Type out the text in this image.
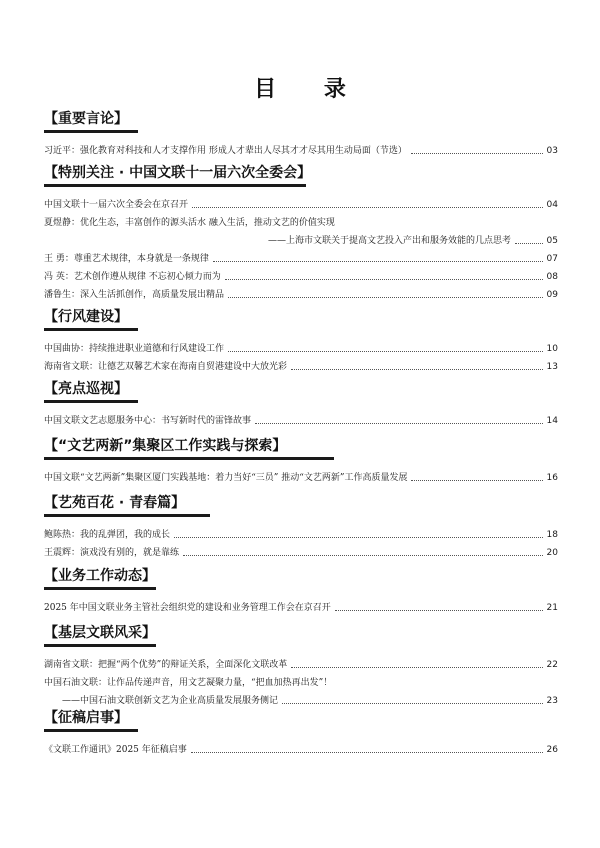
目 录
【重要言论】
习近平：强化教育对科技和人才支撑作用 形成人才辈出人尽其才才尽其用生动局面（节选）	03
【特别关注 · 中国文联十一届六次全委会】
中国文联十一届六次全委会在京召开	04
夏煜静：优化生态，丰富创作的源头活水 融入生活，推动文艺的价值实现
——上海市文联关于提高文艺投入产出和服务效能的几点思考	05
王 勇：尊重艺术规律，本身就是一条规律	07
冯 英：艺术创作遵从规律 不忘初心倾力而为	08
潘鲁生：深入生活抓创作，高质量发展出精品	09
【行风建设】
中国曲协：持续推进职业道德和行风建设工作	10
海南省文联：让德艺双馨艺术家在海南自贸港建设中大放光彩	13
【亮点巡视】
中国文联文艺志愿服务中心：书写新时代的雷锋故事	14
【“文艺两新”集聚区工作实践与探索】
中国文联“文艺两新”集聚区厦门实践基地：着力当好“三员” 推动“文艺两新”工作高质量发展	16
【艺苑百花 · 青春篇】
鲍陈热：我的乱弹团，我的成长	18
王震辉：演戏没有别的，就是靠练	20
【业务工作动态】
2025 年中国文联业务主管社会组织党的建设和业务管理工作会在京召开	21
【基层文联风采】
湖南省文联：把握“两个优势”的辩证关系，全面深化文联改革	22
中国石油文联：让作品传递声音，用文艺凝聚力量，“把血加热再出发”！
——中国石油文联创新文艺为企业高质量发展服务侧记	23
【征稿启事】
《文联工作通讯》2025 年征稿启事	26
